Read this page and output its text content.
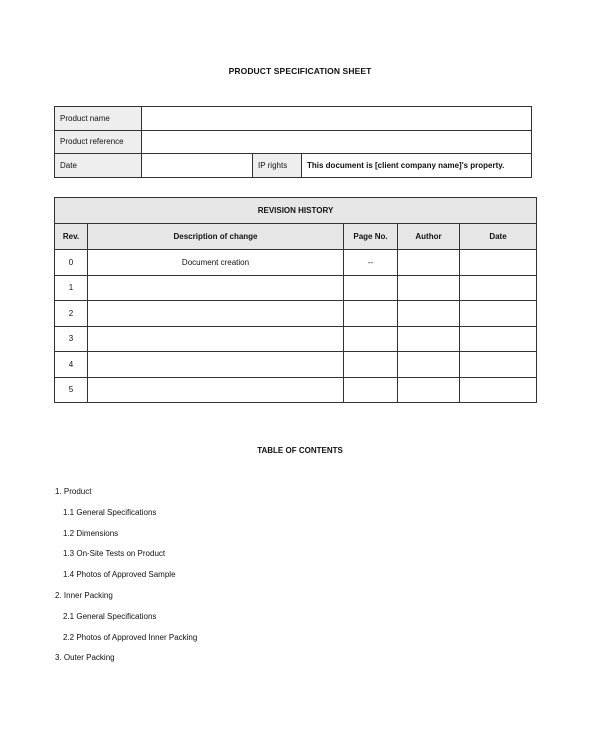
PRODUCT SPECIFICATION SHEET
Product name			
Product reference			
Date		IP rights	This document is [client company name]'s property.
REVISION HISTORY				
Rev.	Description of change	Page No.	Author	Date
0	Document creation	--		
1				
2				
3				
4				
5				
TABLE OF CONTENTS
1. Product
1.1 General Specifications
1.2 Dimensions
1.3 On-Site Tests on Product
1.4 Photos of Approved Sample
2. Inner Packing
2.1 General Specifications
2.2 Photos of Approved Inner Packing
3. Outer Packing
